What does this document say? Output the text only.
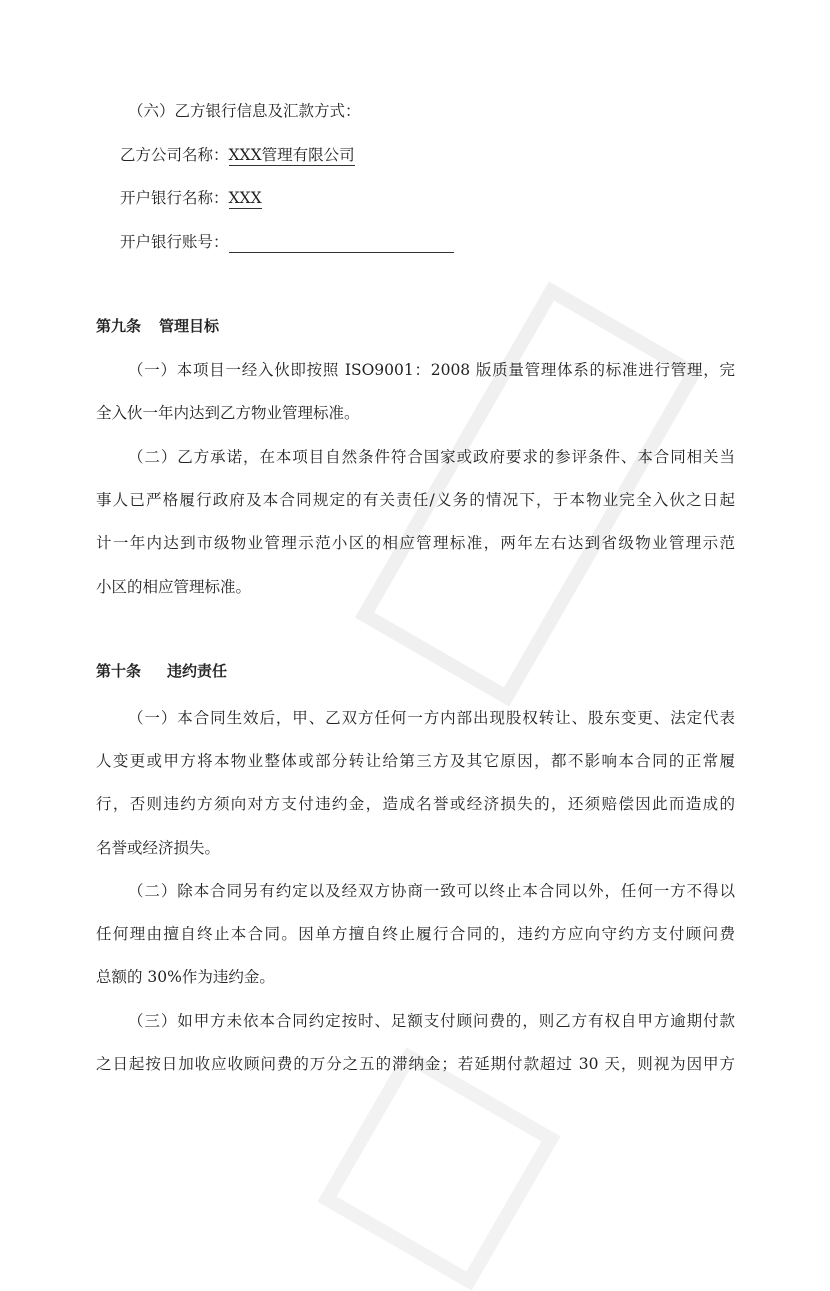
（六）乙方银行信息及汇款方式：
乙方公司名称：XXX管理有限公司
开户银行名称：XXX
开户银行账号：
第九条 管理目标
（一）本项目一经入伙即按照 ISO9001：2008 版质量管理体系的标准进行管理，完
全入伙一年内达到乙方物业管理标准。
（二）乙方承诺，在本项目自然条件符合国家或政府要求的参评条件、本合同相关当
事人已严格履行政府及本合同规定的有关责任/义务的情况下，于本物业完全入伙之日起
计一年内达到市级物业管理示范小区的相应管理标准，两年左右达到省级物业管理示范
小区的相应管理标准。
第十条 违约责任
（一）本合同生效后，甲、乙双方任何一方内部出现股权转让、股东变更、法定代表
人变更或甲方将本物业整体或部分转让给第三方及其它原因，都不影响本合同的正常履
行，否则违约方须向对方支付违约金，造成名誉或经济损失的，还须赔偿因此而造成的
名誉或经济损失。
（二）除本合同另有约定以及经双方协商一致可以终止本合同以外，任何一方不得以
任何理由擅自终止本合同。因单方擅自终止履行合同的，违约方应向守约方支付顾问费
总额的 30%作为违约金。
（三）如甲方未依本合同约定按时、足额支付顾问费的，则乙方有权自甲方逾期付款
之日起按日加收应收顾问费的万分之五的滞纳金；若延期付款超过 30 天，则视为因甲方
